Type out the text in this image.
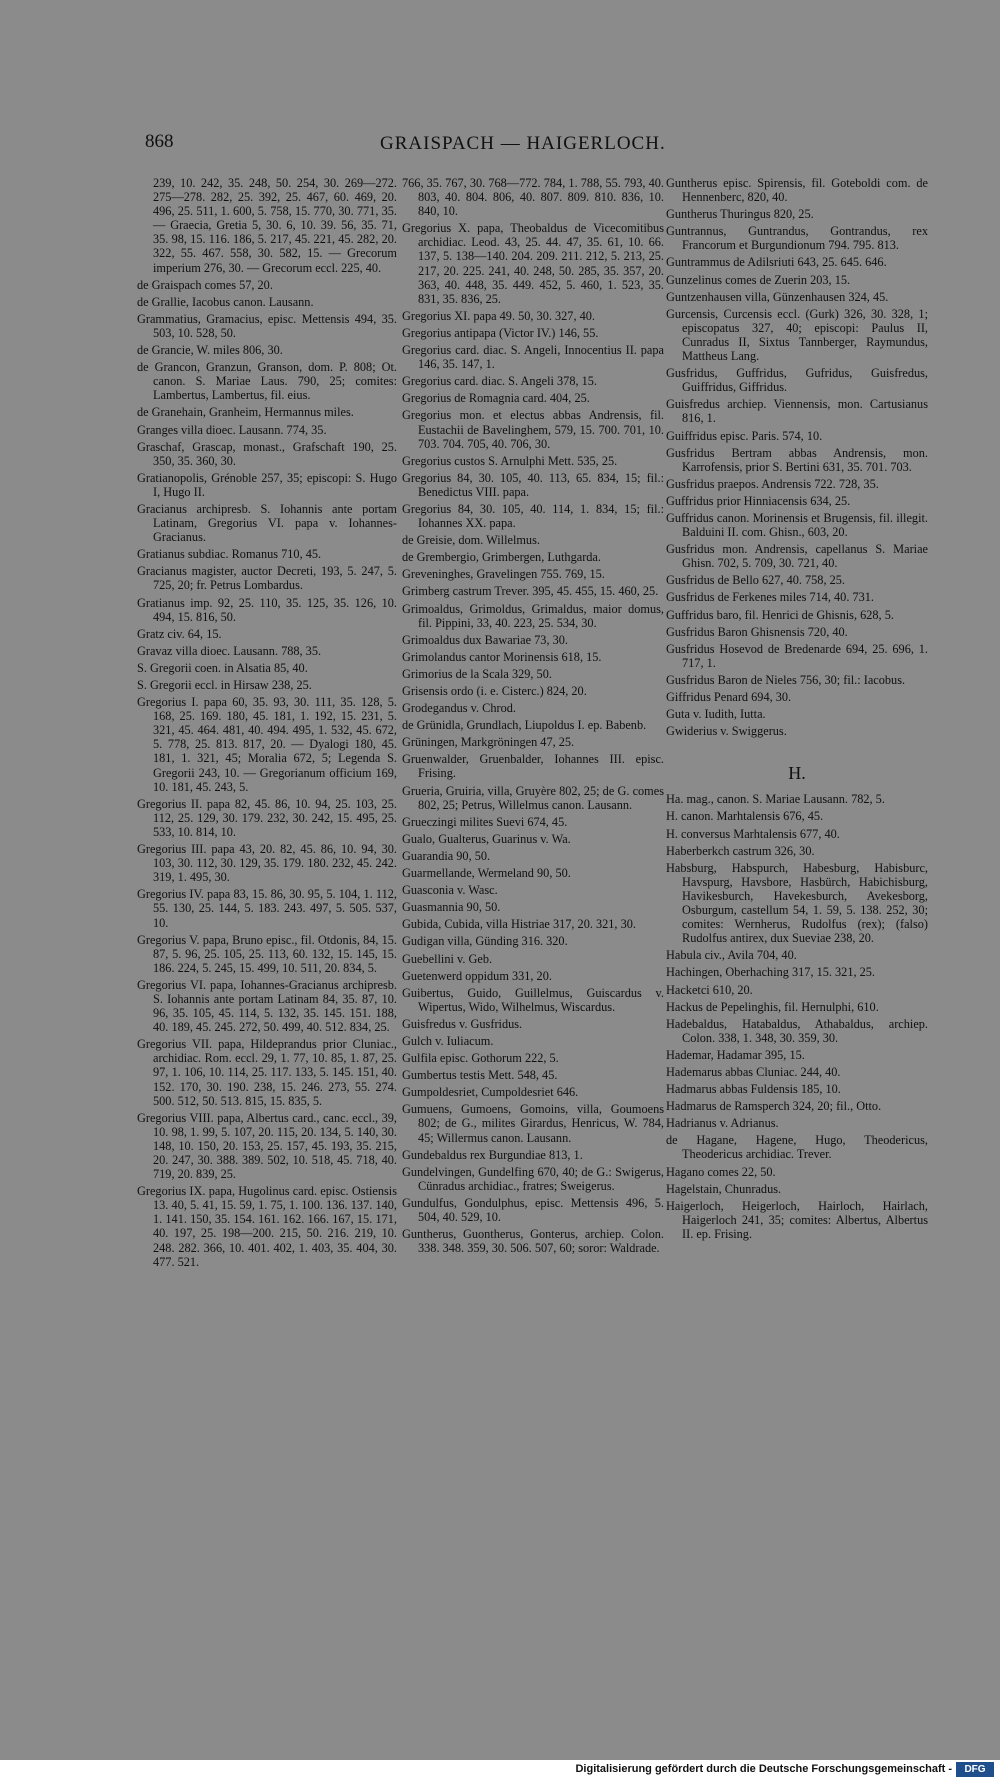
868	GRAISPACH — HAIGERLOCH.

239, 10. 242, 35. 248, 50. 254, 30. 269—272. 275—278. 282, 25. 392, 25. 467, 60. 469, 20. 496, 25. 511, 1. 600, 5. 758, 15. 770, 30. 771, 35. — Graecia, Gretia 5, 30. 6, 10. 39. 56, 35. 71, 35. 98, 15. 116. 186, 5. 217, 45. 221, 45. 282, 20. 322, 55. 467. 558, 30. 582, 15. — Grecorum imperium 276, 30. — Grecorum eccl. 225, 40.

de Graispach comes 57, 20.

de Grallie, Iacobus canon. Lausann.

Grammatius, Gramacius, episc. Mettensis 494, 35. 503, 10. 528, 50.

de Grancie, W. miles 806, 30.

de Grancon, Granzun, Granson, dom. P. 808; Ot. canon. S. Mariae Laus. 790, 25; comites: Lambertus, Lambertus, fil. eius.

de Granehain, Granheim, Hermannus miles.

Granges villa dioec. Lausann. 774, 35.

Graschaf, Grascap, monast., Grafschaft 190, 25. 350, 35. 360, 30.

Gratianopolis, Grénoble 257, 35; episcopi: S. Hugo I, Hugo II.

Gracianus archipresb. S. Iohannis ante portam Latinam, Gregorius VI. papa v. Iohannes-Gracianus.

Gratianus subdiac. Romanus 710, 45.

Gracianus magister, auctor Decreti, 193, 5. 247, 5. 725, 20; fr. Petrus Lombardus.

Gratianus imp. 92, 25. 110, 35. 125, 35. 126, 10. 494, 15. 816, 50.

Gratz civ. 64, 15.

Gravaz villa dioec. Lausann. 788, 35.

S. Gregorii coen. in Alsatia 85, 40.

S. Gregorii eccl. in Hirsaw 238, 25.

Gregorius I. papa 60, 35. 93, 30. 111, 35. 128, 5. 168, 25. 169. 180, 45. 181, 1. 192, 15. 231, 5. 321, 45. 464. 481, 40. 494. 495, 1. 532, 45. 672, 5. 778, 25. 813. 817, 20. — Dyalogi 180, 45. 181, 1. 321, 45; Moralia 672, 5; Legenda S. Gregorii 243, 10. — Gregorianum officium 169, 10. 181, 45. 243, 5.

Gregorius II. papa 82, 45. 86, 10. 94, 25. 103, 25. 112, 25. 129, 30. 179. 232, 30. 242, 15. 495, 25. 533, 10. 814, 10.

Gregorius III. papa 43, 20. 82, 45. 86, 10. 94, 30. 103, 30. 112, 30. 129, 35. 179. 180. 232, 45. 242. 319, 1. 495, 30.

Gregorius IV. papa 83, 15. 86, 30. 95, 5. 104, 1. 112, 55. 130, 25. 144, 5. 183. 243. 497, 5. 505. 537, 10.

Gregorius V. papa, Bruno episc., fil. Otdonis, 84, 15. 87, 5. 96, 25. 105, 25. 113, 60. 132, 15. 145, 15. 186. 224, 5. 245, 15. 499, 10. 511, 20. 834, 5.

Gregorius VI. papa, Iohannes-Gracianus archipresb. S. Iohannis ante portam Latinam 84, 35. 87, 10. 96, 35. 105, 45. 114, 5. 132, 35. 145. 151. 188, 40. 189, 45. 245. 272, 50. 499, 40. 512. 834, 25.

Gregorius VII. papa, Hildeprandus prior Cluniac., archidiac. Rom. eccl. 29, 1. 77, 10. 85, 1. 87, 25. 97, 1. 106, 10. 114, 25. 117. 133, 5. 145. 151, 40. 152. 170, 30. 190. 238, 15. 246. 273, 55. 274. 500. 512, 50. 513. 815, 15. 835, 5.

Gregorius VIII. papa, Albertus card., canc. eccl., 39, 10. 98, 1. 99, 5. 107, 20. 115, 20. 134, 5. 140, 30. 148, 10. 150, 20. 153, 25. 157, 45. 193, 35. 215, 20. 247, 30. 388. 389. 502, 10. 518, 45. 718, 40. 719, 20. 839, 25.

Gregorius IX. papa, Hugolinus card. episc. Ostiensis 13. 40, 5. 41, 15. 59, 1. 75, 1. 100. 136. 137. 140, 1. 141. 150, 35. 154. 161. 162. 166. 167, 15. 171, 40. 197, 25. 198—200. 215, 50. 216. 219, 10. 248. 282. 366, 10. 401. 402, 1. 403, 35. 404, 30. 477. 521.

766, 35. 767, 30. 768—772. 784, 1. 788, 55. 793, 40. 803, 40. 804. 806, 40. 807. 809. 810. 836, 10. 840, 10.

Gregorius X. papa, Theobaldus de Vicecomitibus archidiac. Leod. 43, 25. 44. 47, 35. 61, 10. 66. 137, 5. 138—140. 204. 209. 211. 212, 5. 213, 25. 217, 20. 225. 241, 40. 248, 50. 285, 35. 357, 20. 363, 40. 448, 35. 449. 452, 5. 460, 1. 523, 35. 831, 35. 836, 25.

Gregorius XI. papa 49. 50, 30. 327, 40.

Gregorius antipapa (Victor IV.) 146, 55.

Gregorius card. diac. S. Angeli, Innocentius II. papa 146, 35. 147, 1.

Gregorius card. diac. S. Angeli 378, 15.

Gregorius de Romagnia card. 404, 25.

Gregorius mon. et electus abbas Andrensis, fil. Eustachii de Bavelinghem, 579, 15. 700. 701, 10. 703. 704. 705, 40. 706, 30.

Gregorius custos S. Arnulphi Mett. 535, 25.

Gregorius 84, 30. 105, 40. 113, 65. 834, 15; fil.: Benedictus VIII. papa.

Gregorius 84, 30. 105, 40. 114, 1. 834, 15; fil.: Iohannes XX. papa.

de Greisie, dom. Willelmus.

de Grembergio, Grimbergen, Luthgarda.

Greveninghes, Gravelingen 755. 769, 15.

Grimberg castrum Trever. 395, 45. 455, 15. 460, 25.

Grimoaldus, Grimoldus, Grimaldus, maior domus, fil. Pippini, 33, 40. 223, 25. 534, 30.

Grimoaldus dux Bawariae 73, 30.

Grimolandus cantor Morinensis 618, 15.

Grimorius de la Scala 329, 50.

Grisensis ordo (i. e. Cisterc.) 824, 20.

Grodegandus v. Chrod.

de Grünidla, Grundlach, Liupoldus I. ep. Babenb.

Grüningen, Markgröningen 47, 25.

Gruenwalder, Gruenbalder, Iohannes III. episc. Frising.

Grueria, Gruiria, villa, Gruyère 802, 25; de G. comes 802, 25; Petrus, Willelmus canon. Lausann.

Grueczingi milites Suevi 674, 45.

Gualo, Gualterus, Guarinus v. Wa.

Guarandia 90, 50.

Guarmellande, Wermeland 90, 50.

Guasconia v. Wasc.

Guasmannia 90, 50.

Gubida, Cubida, villa Histriae 317, 20. 321, 30.

Gudigan villa, Günding 316. 320.

Guebellini v. Geb.

Guetenwerd oppidum 331, 20.

Guibertus, Guido, Guillelmus, Guiscardus v. Wipertus, Wido, Wilhelmus, Wiscardus.

Guisfredus v. Gusfridus.

Gulch v. Iuliacum.

Gulfila episc. Gothorum 222, 5.

Gumbertus testis Mett. 548, 45.

Gumpoldesriet, Cumpoldesriet 646.

Gumuens, Gumoens, Gomoins, villa, Goumoens 802; de G., milites Girardus, Henricus, W. 784, 45; Willermus canon. Lausann.

Gundebaldus rex Burgundiae 813, 1.

Gundelvingen, Gundelfing 670, 40; de G.: Swigerus, Cünradus archidiac., fratres; Sweigerus.

Gundulfus, Gondulphus, episc. Mettensis 496, 5. 504, 40. 529, 10.

Guntherus, Guontherus, Gonterus, archiep. Colon. 338. 348. 359, 30. 506. 507, 60; soror: Waldrade.

Guntherus episc. Spirensis, fil. Goteboldi com. de Hennenberc, 820, 40.

Guntherus Thuringus 820, 25.

Guntrannus, Guntrandus, Gontrandus, rex Francorum et Burgundionum 794. 795. 813.

Guntrammus de Adilsriuti 643, 25. 645. 646.

Gunzelinus comes de Zuerin 203, 15.

Guntzenhausen villa, Günzenhausen 324, 45.

Gurcensis, Curcensis eccl. (Gurk) 326, 30. 328, 1; episcopatus 327, 40; episcopi: Paulus II, Cunradus II, Sixtus Tannberger, Raymundus, Mattheus Lang.

Gusfridus, Guffridus, Gufridus, Guisfredus, Guiffridus, Giffridus.

Guisfredus archiep. Viennensis, mon. Cartusianus 816, 1.

Guiffridus episc. Paris. 574, 10.

Gusfridus Bertram abbas Andrensis, mon. Karrofensis, prior S. Bertini 631, 35. 701. 703.

Gusfridus praepos. Andrensis 722. 728, 35.

Guffridus prior Hinniacensis 634, 25.

Guffridus canon. Morinensis et Brugensis, fil. illegit. Balduini II. com. Ghisn., 603, 20.

Gusfridus mon. Andrensis, capellanus S. Mariae Ghisn. 702, 5. 709, 30. 721, 40.

Gusfridus de Bello 627, 40. 758, 25.

Gusfridus de Ferkenes miles 714, 40. 731.

Guffridus baro, fil. Henrici de Ghisnis, 628, 5.

Gusfridus Baron Ghisnensis 720, 40.

Gusfridus Hosevod de Bredenarde 694, 25. 696, 1. 717, 1.

Gusfridus Baron de Nieles 756, 30; fil.: Iacobus.

Giffridus Penard 694, 30.

Guta v. Iudith, Iutta.

Gwiderius v. Swiggerus.

H.

Ha. mag., canon. S. Mariae Lausann. 782, 5.

H. canon. Marhtalensis 676, 45.

H. conversus Marhtalensis 677, 40.

Haberberkch castrum 326, 30.

Habsburg, Habspurch, Habesburg, Habisburc, Havspurg, Havsbore, Hasbürch, Habichisburg, Havikesburch, Havekesburch, Avekesborg, Osburgum, castellum 54, 1. 59, 5. 138. 252, 30; comites: Wernherus, Rudolfus (rex); (falso) Rudolfus antirex, dux Sueviae 238, 20.

Habula civ., Avila 704, 40.

Hachingen, Oberhaching 317, 15. 321, 25.

Hacketci 610, 20.

Hackus de Pepelinghis, fil. Hernulphi, 610.

Hadebaldus, Hatabaldus, Athabaldus, archiep. Colon. 338, 1. 348, 30. 359, 30.

Hademar, Hadamar 395, 15.

Hademarus abbas Cluniac. 244, 40.

Hadmarus abbas Fuldensis 185, 10.

Hadmarus de Ramsperch 324, 20; fil., Otto.

Hadrianus v. Adrianus.

de Hagane, Hagene, Hugo, Theodericus, Theodericus archidiac. Trever.

Hagano comes 22, 50.

Hagelstain, Chunradus.

Haigerloch, Heigerloch, Hairloch, Hairlach, Haigerloch 241, 35; comites: Albertus, Albertus II. ep. Frising.

Digitalisierung gefördert durch die Deutsche Forschungsgemeinschaft -	DFG
